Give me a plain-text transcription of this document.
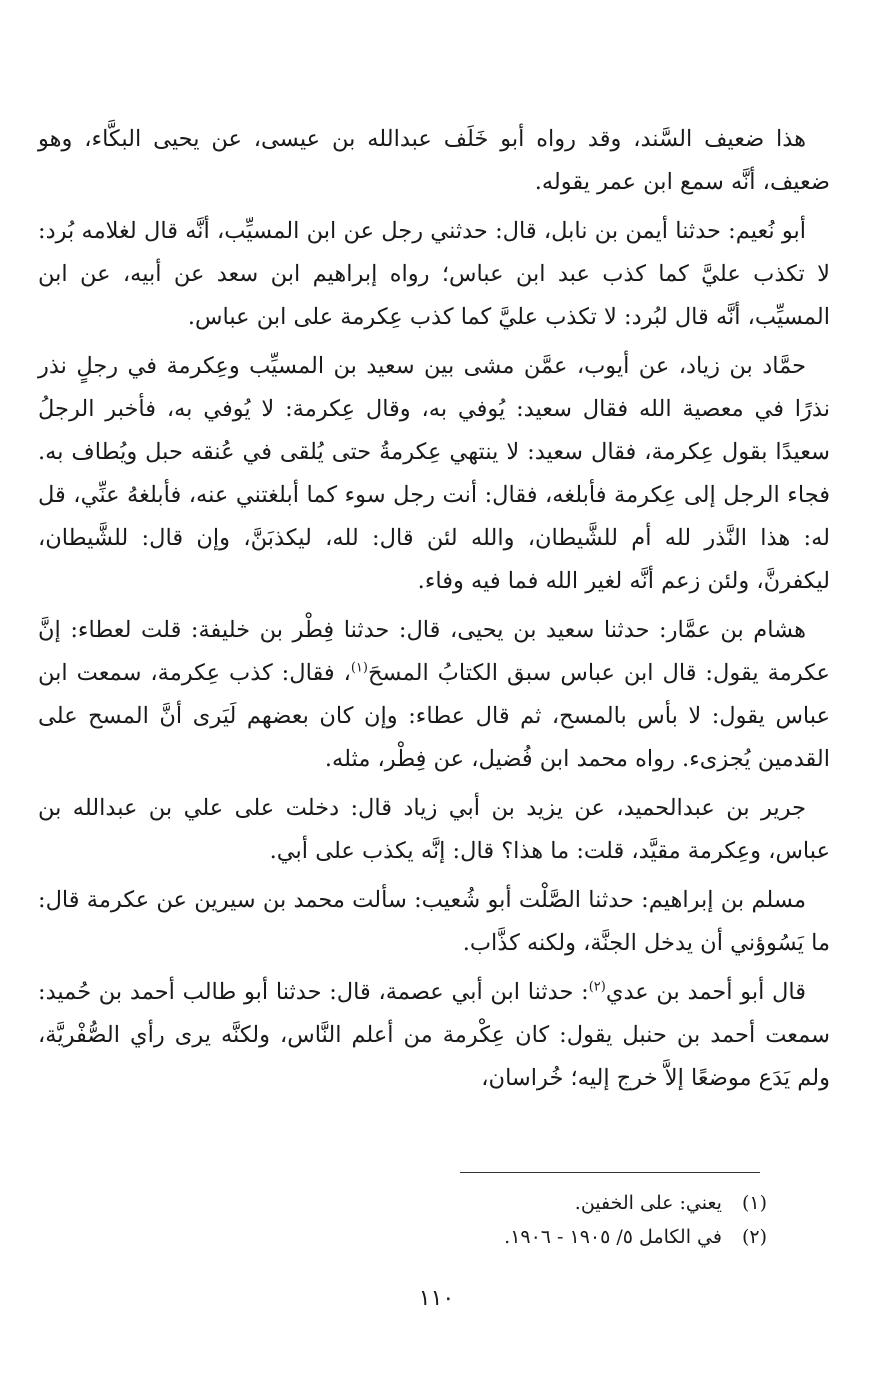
هذا ضعيف السَّند، وقد رواه أبو خَلَف عبدالله بن عيسى، عن يحيى البكَّاء، وهو ضعيف، أنَّه سمع ابن عمر يقوله.

أبو نُعيم: حدثنا أيمن بن نابل، قال: حدثني رجل عن ابن المسيِّب، أنَّه قال لغلامه بُرد: لا تكذب عليَّ كما كذب عبد ابن عباس؛ رواه إبراهيم ابن سعد عن أبيه، عن ابن المسيِّب، أنَّه قال لبُرد: لا تكذب عليَّ كما كذب عِكرمة على ابن عباس.

حمَّاد بن زياد، عن أيوب، عمَّن مشى بين سعيد بن المسيِّب وعِكرمة في رجلٍ نذر نذرًا في معصية الله فقال سعيد: يُوفي به، وقال عِكرمة: لا يُوفي به، فأخبر الرجلُ سعيدًا بقول عِكرمة، فقال سعيد: لا ينتهي عِكرمةُ حتى يُلقى في عُنقه حبل ويُطاف به. فجاء الرجل إلى عِكرمة فأبلغه، فقال: أنت رجل سوء كما أبلغتني عنه، فأبلغهُ عنِّي، قل له: هذا النَّذر لله أم للشَّيطان، والله لئن قال: لله، ليكذبَنَّ، وإن قال: للشَّيطان، ليكفرنَّ، ولئن زعم أنَّه لغير الله فما فيه وفاء.

هشام بن عمَّار: حدثنا سعيد بن يحيى، قال: حدثنا فِطْر بن خليفة: قلت لعطاء: إنَّ عكرمة يقول: قال ابن عباس سبق الكتابُ المسحَ$^{(١)}$، فقال: كذب عِكرمة، سمعت ابن عباس يقول: لا بأس بالمسح، ثم قال عطاء: وإن كان بعضهم لَيَرى أنَّ المسح على القدمين يُجزىء. رواه محمد ابن فُضيل، عن فِطْر، مثله.

جرير بن عبدالحميد، عن يزيد بن أبي زياد قال: دخلت على علي بن عبدالله بن عباس، وعِكرمة مقيَّد، قلت: ما هذا؟ قال: إنَّه يكذب على أبي.

مسلم بن إبراهيم: حدثنا الصَّلْت أبو شُعيب: سألت محمد بن سيرين عن عكرمة قال: ما يَسُوؤني أن يدخل الجنَّة، ولكنه كذَّاب.

قال أبو أحمد بن عدي$^{(٢)}$: حدثنا ابن أبي عصمة، قال: حدثنا أبو طالب أحمد بن حُميد: سمعت أحمد بن حنبل يقول: كان عِكْرمة من أعلم النَّاس، ولكنَّه يرى رأي الصُّفْريَّة، ولم يَدَع موضعًا إلاَّ خرج إليه؛ خُراسان،

(١)يعني: على الخفين.
(٢)في الكامل ٥/ ١٩٠٥ - ١٩٠٦.
١١٠
